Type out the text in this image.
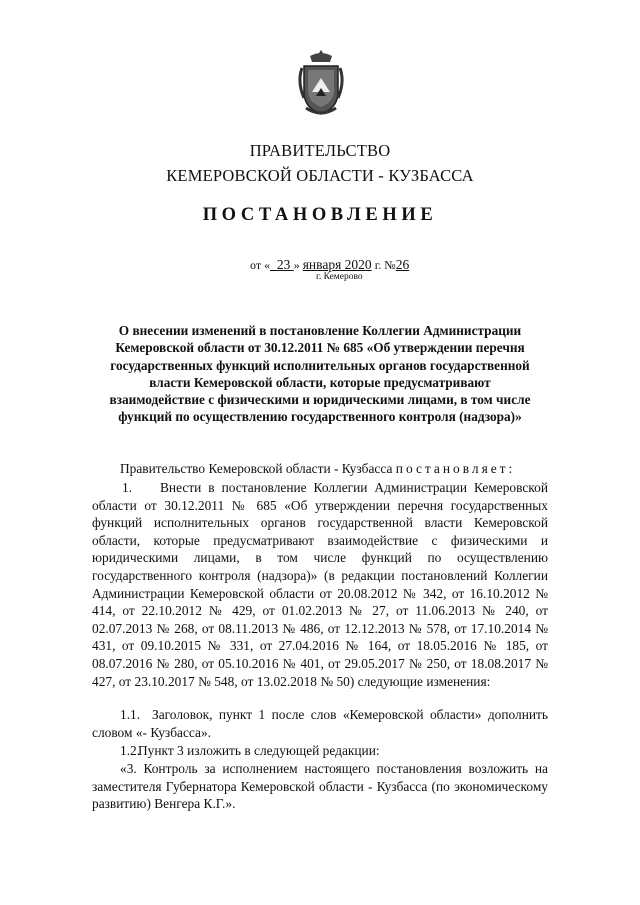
ПРАВИТЕЛЬСТВО
КЕМЕРОВСКОЙ ОБЛАСТИ - КУЗБАССА
ПОСТАНОВЛЕНИЕ
от « 23 » января 2020 г. №26
г. Кемерово
О внесении изменений в постановление Коллегии Администрации Кемеровской области от 30.12.2011 № 685 «Об утверждении перечня государственных функций исполнительных органов государственной власти Кемеровской области, которые предусматривают взаимодействие с физическими и юридическими лицами, в том числе функций по осуществлению государственного контроля (надзора)»
Правительство Кемеровской области - Кузбасса постановляет:
1. Внести в постановление Коллегии Администрации Кемеровской области от 30.12.2011 № 685 «Об утверждении перечня государственных функций исполнительных органов государственной власти Кемеровской области, которые предусматривают взаимодействие с физическими и юридическими лицами, в том числе функций по осуществлению государственного контроля (надзора)» (в редакции постановлений Коллегии Администрации Кемеровской области от 20.08.2012 № 342, от 16.10.2012 № 414, от 22.10.2012 № 429, от 01.02.2013 № 27, от 11.06.2013 № 240, от 02.07.2013 № 268, от 08.11.2013 № 486, от 12.12.2013 № 578, от 17.10.2014 № 431, от 09.10.2015 № 331, от 27.04.2016 № 164, от 18.05.2016 № 185, от 08.07.2016 № 280, от 05.10.2016 № 401, от 29.05.2017 № 250, от 18.08.2017 № 427, от 23.10.2017 № 548, от 13.02.2018 № 50) следующие изменения:
1.1. Заголовок, пункт 1 после слов «Кемеровской области» дополнить словом «- Кузбасса».
1.2.Пункт 3 изложить в следующей редакции:
«3. Контроль за исполнением настоящего постановления возложить на заместителя Губернатора Кемеровской области - Кузбасса (по экономическому развитию) Венгера К.Г.».
